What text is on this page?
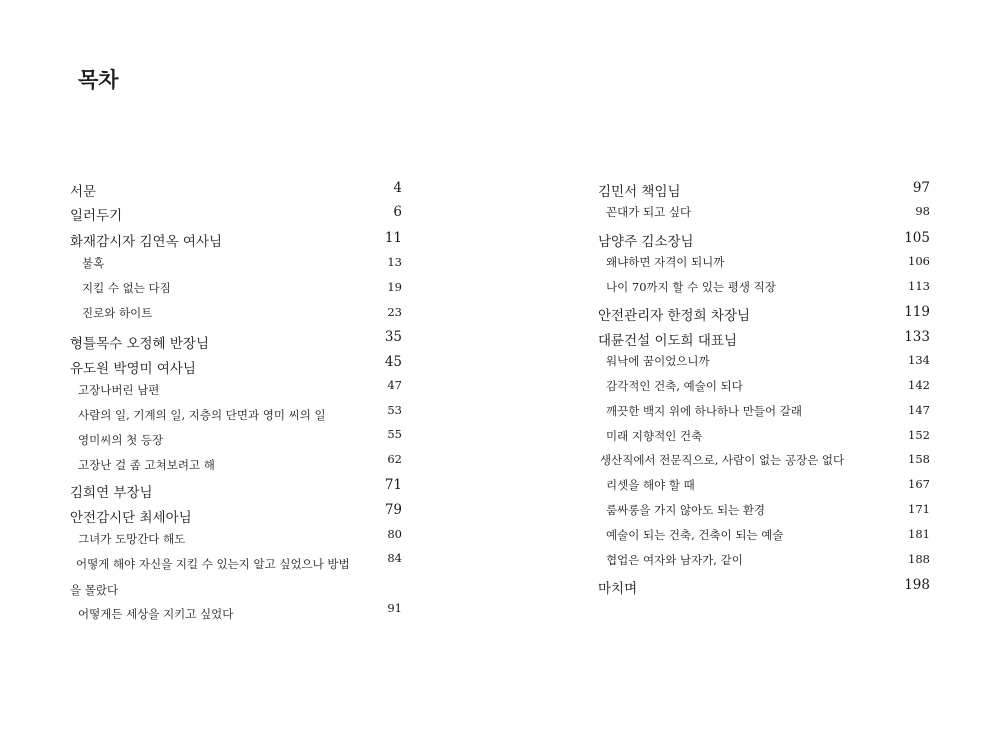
목차
서문	4
일러두기	6
화재감시자 김연옥 여사님	11
불혹	13
지킬 수 없는 다짐	19
진로와 하이트	23
형틀목수 오정혜 반장님	35
유도원 박영미 여사님	45
고장나버린 남편	47
사람의 일, 기계의 일, 지층의 단면과 영미 씨의 일	53
영미씨의 첫 등장	55
고장난 걸 좀 고쳐보려고 해	62
김희연 부장님	71
안전감시단 최세아님	79
그녀가 도망간다 해도	80
어떻게 해야 자신을 지킬 수 있는지 알고 싶었으나 방법	84
을 몰랐다
어떻게든 세상을 지키고 싶었다	91
김민서 책임님	97
꼰대가 되고 싶다	98
남양주 김소장님	105
왜냐하면 자격이 되니까	106
나이 70까지 할 수 있는 평생 직장	113
안전관리자 한정희 차장님	119
대륜건설 이도희 대표님	133
워낙에 꿈이었으니까	134
감각적인 건축, 예술이 되다	142
깨끗한 백지 위에 하나하나 만들어 갈래	147
미래 지향적인 건축	152
생산직에서 전문직으로, 사람이 없는 공장은 없다	158
리셋을 해야 할 때	167
룸싸롱을 가지 않아도 되는 환경	171
예술이 되는 건축, 건축이 되는 예술	181
협업은 여자와 남자가, 같이	188
마치며	198
